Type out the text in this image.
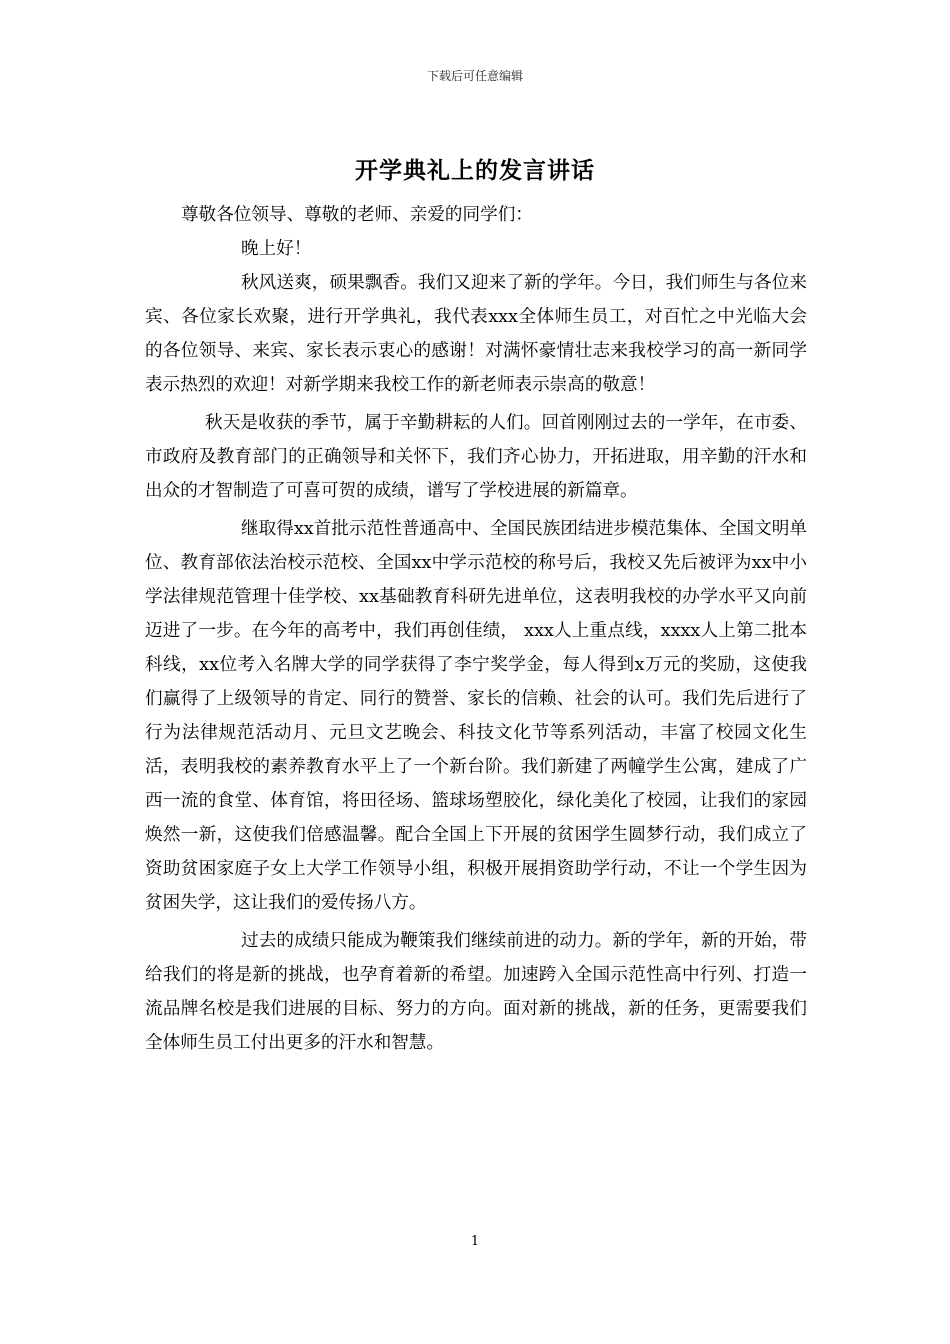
下载后可任意编辑
开学典礼上的发言讲话

尊敬各位领导、尊敬的老师、亲爱的同学们：

晚上好！

秋风送爽，硕果飘香。我们又迎来了新的学年。今日，我们师生与各位来宾、各位家长欢聚，进行开学典礼，我代表xxx全体师生员工，对百忙之中光临大会的各位领导、来宾、家长表示衷心的感谢！对满怀豪情壮志来我校学习的高一新同学表示热烈的欢迎！对新学期来我校工作的新老师表示崇高的敬意！

秋天是收获的季节，属于辛勤耕耘的人们。回首刚刚过去的一学年，在市委、市政府及教育部门的正确领导和关怀下，我们齐心协力，开拓进取，用辛勤的汗水和出众的才智制造了可喜可贺的成绩，谱写了学校进展的新篇章。

继取得xx首批示范性普通高中、全国民族团结进步模范集体、全国文明单位、教育部依法治校示范校、全国xx中学示范校的称号后，我校又先后被评为xx中小学法律规范管理十佳学校、xx基础教育科研先进单位，这表明我校的办学水平又向前迈进了一步。在今年的高考中，我们再创佳绩， xxx人上重点线，xxxx人上第二批本科线，xx位考入名牌大学的同学获得了李宁奖学金，每人得到x万元的奖励，这使我们赢得了上级领导的肯定、同行的赞誉、家长的信赖、社会的认可。我们先后进行了行为法律规范活动月、元旦文艺晚会、科技文化节等系列活动，丰富了校园文化生活，表明我校的素养教育水平上了一个新台阶。我们新建了两幢学生公寓，建成了广西一流的食堂、体育馆，将田径场、篮球场塑胶化，绿化美化了校园，让我们的家园焕然一新，这使我们倍感温馨。配合全国上下开展的贫困学生圆梦行动，我们成立了资助贫困家庭子女上大学工作领导小组，积极开展捐资助学行动，不让一个学生因为贫困失学，这让我们的爱传扬八方。

过去的成绩只能成为鞭策我们继续前进的动力。新的学年，新的开始，带给我们的将是新的挑战，也孕育着新的希望。加速跨入全国示范性高中行列、打造一流品牌名校是我们进展的目标、努力的方向。面对新的挑战，新的任务，更需要我们全体师生员工付出更多的汗水和智慧。

1
